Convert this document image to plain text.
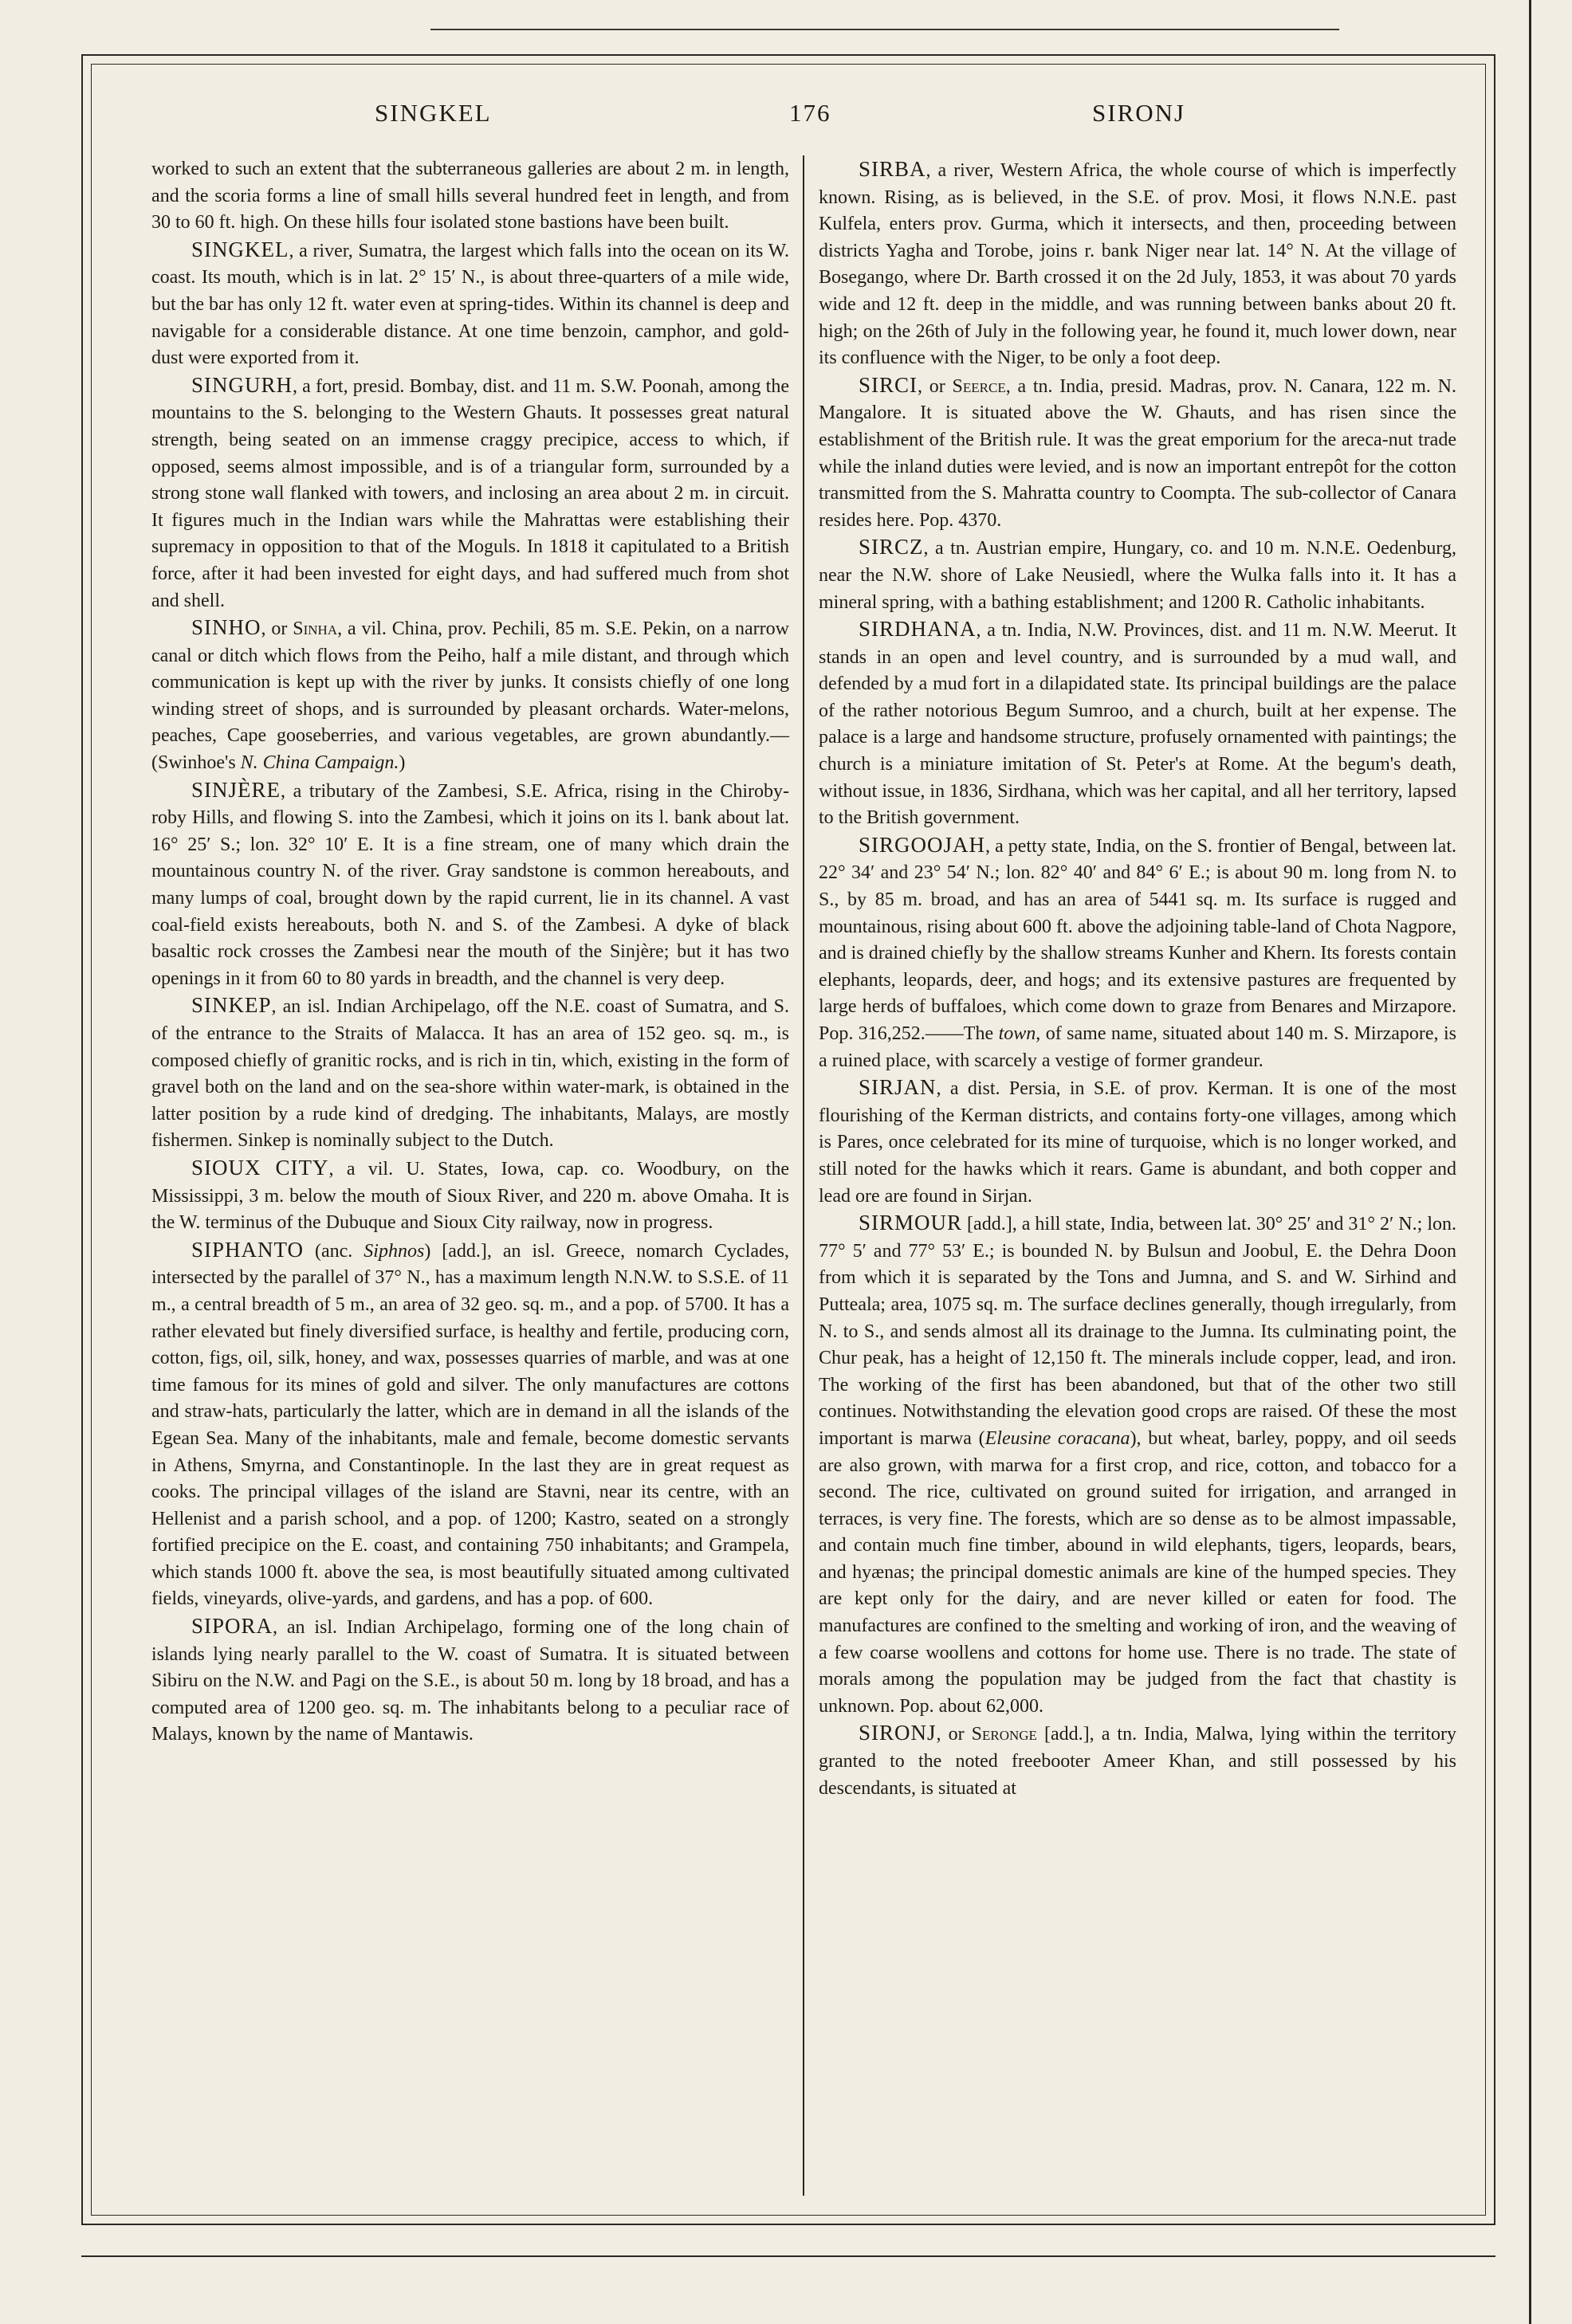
SINGKEL	176	SIRONJ

worked to such an extent that the subterraneous galleries are about 2 m. in length, and the scoria forms a line of small hills several hundred feet in length, and from 30 to 60 ft. high. On these hills four isolated stone bastions have been built.

SINGKEL, a river, Sumatra, the largest which falls into the ocean on its W. coast. Its mouth, which is in lat. 2° 15′ N., is about three-quarters of a mile wide, but the bar has only 12 ft. water even at spring-tides. Within its channel is deep and navigable for a considerable distance. At one time benzoin, camphor, and gold-dust were exported from it.

SINGURH, a fort, presid. Bombay, dist. and 11 m. S.W. Poonah, among the mountains to the S. belonging to the Western Ghauts. It possesses great natural strength, being seated on an immense craggy precipice, access to which, if opposed, seems almost impossible, and is of a triangular form, surrounded by a strong stone wall flanked with towers, and inclosing an area about 2 m. in circuit. It figures much in the Indian wars while the Mahrattas were establishing their supremacy in opposition to that of the Moguls. In 1818 it capitulated to a British force, after it had been invested for eight days, and had suffered much from shot and shell.

SINHO, or Sinha, a vil. China, prov. Pechili, 85 m. S.E. Pekin, on a narrow canal or ditch which flows from the Peiho, half a mile distant, and through which communication is kept up with the river by junks. It consists chiefly of one long winding street of shops, and is surrounded by pleasant orchards. Water-melons, peaches, Cape gooseberries, and various vegetables, are grown abundantly.—(Swinhoe's N. China Campaign.)

SINJÈRE, a tributary of the Zambesi, S.E. Africa, rising in the Chiroby-roby Hills, and flowing S. into the Zambesi, which it joins on its l. bank about lat. 16° 25′ S.; lon. 32° 10′ E. It is a fine stream, one of many which drain the mountainous country N. of the river. Gray sandstone is common hereabouts, and many lumps of coal, brought down by the rapid current, lie in its channel. A vast coal-field exists hereabouts, both N. and S. of the Zambesi. A dyke of black basaltic rock crosses the Zambesi near the mouth of the Sinjère; but it has two openings in it from 60 to 80 yards in breadth, and the channel is very deep.

SINKEP, an isl. Indian Archipelago, off the N.E. coast of Sumatra, and S. of the entrance to the Straits of Malacca. It has an area of 152 geo. sq. m., is composed chiefly of granitic rocks, and is rich in tin, which, existing in the form of gravel both on the land and on the sea-shore within water-mark, is obtained in the latter position by a rude kind of dredging. The inhabitants, Malays, are mostly fishermen. Sinkep is nominally subject to the Dutch.

SIOUX CITY, a vil. U. States, Iowa, cap. co. Woodbury, on the Mississippi, 3 m. below the mouth of Sioux River, and 220 m. above Omaha. It is the W. terminus of the Dubuque and Sioux City railway, now in progress.

SIPHANTO (anc. Siphnos) [add.], an isl. Greece, nomarch Cyclades, intersected by the parallel of 37° N., has a maximum length N.N.W. to S.S.E. of 11 m., a central breadth of 5 m., an area of 32 geo. sq. m., and a pop. of 5700. It has a rather elevated but finely diversified surface, is healthy and fertile, producing corn, cotton, figs, oil, silk, honey, and wax, possesses quarries of marble, and was at one time famous for its mines of gold and silver. The only manufactures are cottons and straw-hats, particularly the latter, which are in demand in all the islands of the Egean Sea. Many of the inhabitants, male and female, become domestic servants in Athens, Smyrna, and Constantinople. In the last they are in great request as cooks. The principal villages of the island are Stavni, near its centre, with an Hellenist and a parish school, and a pop. of 1200; Kastro, seated on a strongly fortified precipice on the E. coast, and containing 750 inhabitants; and Grampela, which stands 1000 ft. above the sea, is most beautifully situated among cultivated fields, vineyards, olive-yards, and gardens, and has a pop. of 600.

SIPORA, an isl. Indian Archipelago, forming one of the long chain of islands lying nearly parallel to the W. coast of Sumatra. It is situated between Sibiru on the N.W. and Pagi on the S.E., is about 50 m. long by 18 broad, and has a computed area of 1200 geo. sq. m. The inhabitants belong to a peculiar race of Malays, known by the name of Mantawis.

SIRBA, a river, Western Africa, the whole course of which is imperfectly known. Rising, as is believed, in the S.E. of prov. Mosi, it flows N.N.E. past Kulfela, enters prov. Gurma, which it intersects, and then, proceeding between districts Yagha and Torobe, joins r. bank Niger near lat. 14° N. At the village of Bosegango, where Dr. Barth crossed it on the 2d July, 1853, it was about 70 yards wide and 12 ft. deep in the middle, and was running between banks about 20 ft. high; on the 26th of July in the following year, he found it, much lower down, near its confluence with the Niger, to be only a foot deep.

SIRCI, or Seerce, a tn. India, presid. Madras, prov. N. Canara, 122 m. N. Mangalore. It is situated above the W. Ghauts, and has risen since the establishment of the British rule. It was the great emporium for the areca-nut trade while the inland duties were levied, and is now an important entrepôt for the cotton transmitted from the S. Mahratta country to Coompta. The sub-collector of Canara resides here. Pop. 4370.

SIRCZ, a tn. Austrian empire, Hungary, co. and 10 m. N.N.E. Oedenburg, near the N.W. shore of Lake Neusiedl, where the Wulka falls into it. It has a mineral spring, with a bathing establishment; and 1200 R. Catholic inhabitants.

SIRDHANA, a tn. India, N.W. Provinces, dist. and 11 m. N.W. Meerut. It stands in an open and level country, and is surrounded by a mud wall, and defended by a mud fort in a dilapidated state. Its principal buildings are the palace of the rather notorious Begum Sumroo, and a church, built at her expense. The palace is a large and handsome structure, profusely ornamented with paintings; the church is a miniature imitation of St. Peter's at Rome. At the begum's death, without issue, in 1836, Sirdhana, which was her capital, and all her territory, lapsed to the British government.

SIRGOOJAH, a petty state, India, on the S. frontier of Bengal, between lat. 22° 34′ and 23° 54′ N.; lon. 82° 40′ and 84° 6′ E.; is about 90 m. long from N. to S., by 85 m. broad, and has an area of 5441 sq. m. Its surface is rugged and mountainous, rising about 600 ft. above the adjoining table-land of Chota Nagpore, and is drained chiefly by the shallow streams Kunher and Khern. Its forests contain elephants, leopards, deer, and hogs; and its extensive pastures are frequented by large herds of buffaloes, which come down to graze from Benares and Mirzapore. Pop. 316,252.——The town, of same name, situated about 140 m. S. Mirzapore, is a ruined place, with scarcely a vestige of former grandeur.

SIRJAN, a dist. Persia, in S.E. of prov. Kerman. It is one of the most flourishing of the Kerman districts, and contains forty-one villages, among which is Pares, once celebrated for its mine of turquoise, which is no longer worked, and still noted for the hawks which it rears. Game is abundant, and both copper and lead ore are found in Sirjan.

SIRMOUR [add.], a hill state, India, between lat. 30° 25′ and 31° 2′ N.; lon. 77° 5′ and 77° 53′ E.; is bounded N. by Bulsun and Joobul, E. the Dehra Doon from which it is separated by the Tons and Jumna, and S. and W. Sirhind and Putteala; area, 1075 sq. m. The surface declines generally, though irregularly, from N. to S., and sends almost all its drainage to the Jumna. Its culminating point, the Chur peak, has a height of 12,150 ft. The minerals include copper, lead, and iron. The working of the first has been abandoned, but that of the other two still continues. Notwithstanding the elevation good crops are raised. Of these the most important is marwa (Eleusine coracana), but wheat, barley, poppy, and oil seeds are also grown, with marwa for a first crop, and rice, cotton, and tobacco for a second. The rice, cultivated on ground suited for irrigation, and arranged in terraces, is very fine. The forests, which are so dense as to be almost impassable, and contain much fine timber, abound in wild elephants, tigers, leopards, bears, and hyænas; the principal domestic animals are kine of the humped species. They are kept only for the dairy, and are never killed or eaten for food. The manufactures are confined to the smelting and working of iron, and the weaving of a few coarse woollens and cottons for home use. There is no trade. The state of morals among the population may be judged from the fact that chastity is unknown. Pop. about 62,000.

SIRONJ, or Seronge [add.], a tn. India, Malwa, lying within the territory granted to the noted freebooter Ameer Khan, and still possessed by his descendants, is situated at
